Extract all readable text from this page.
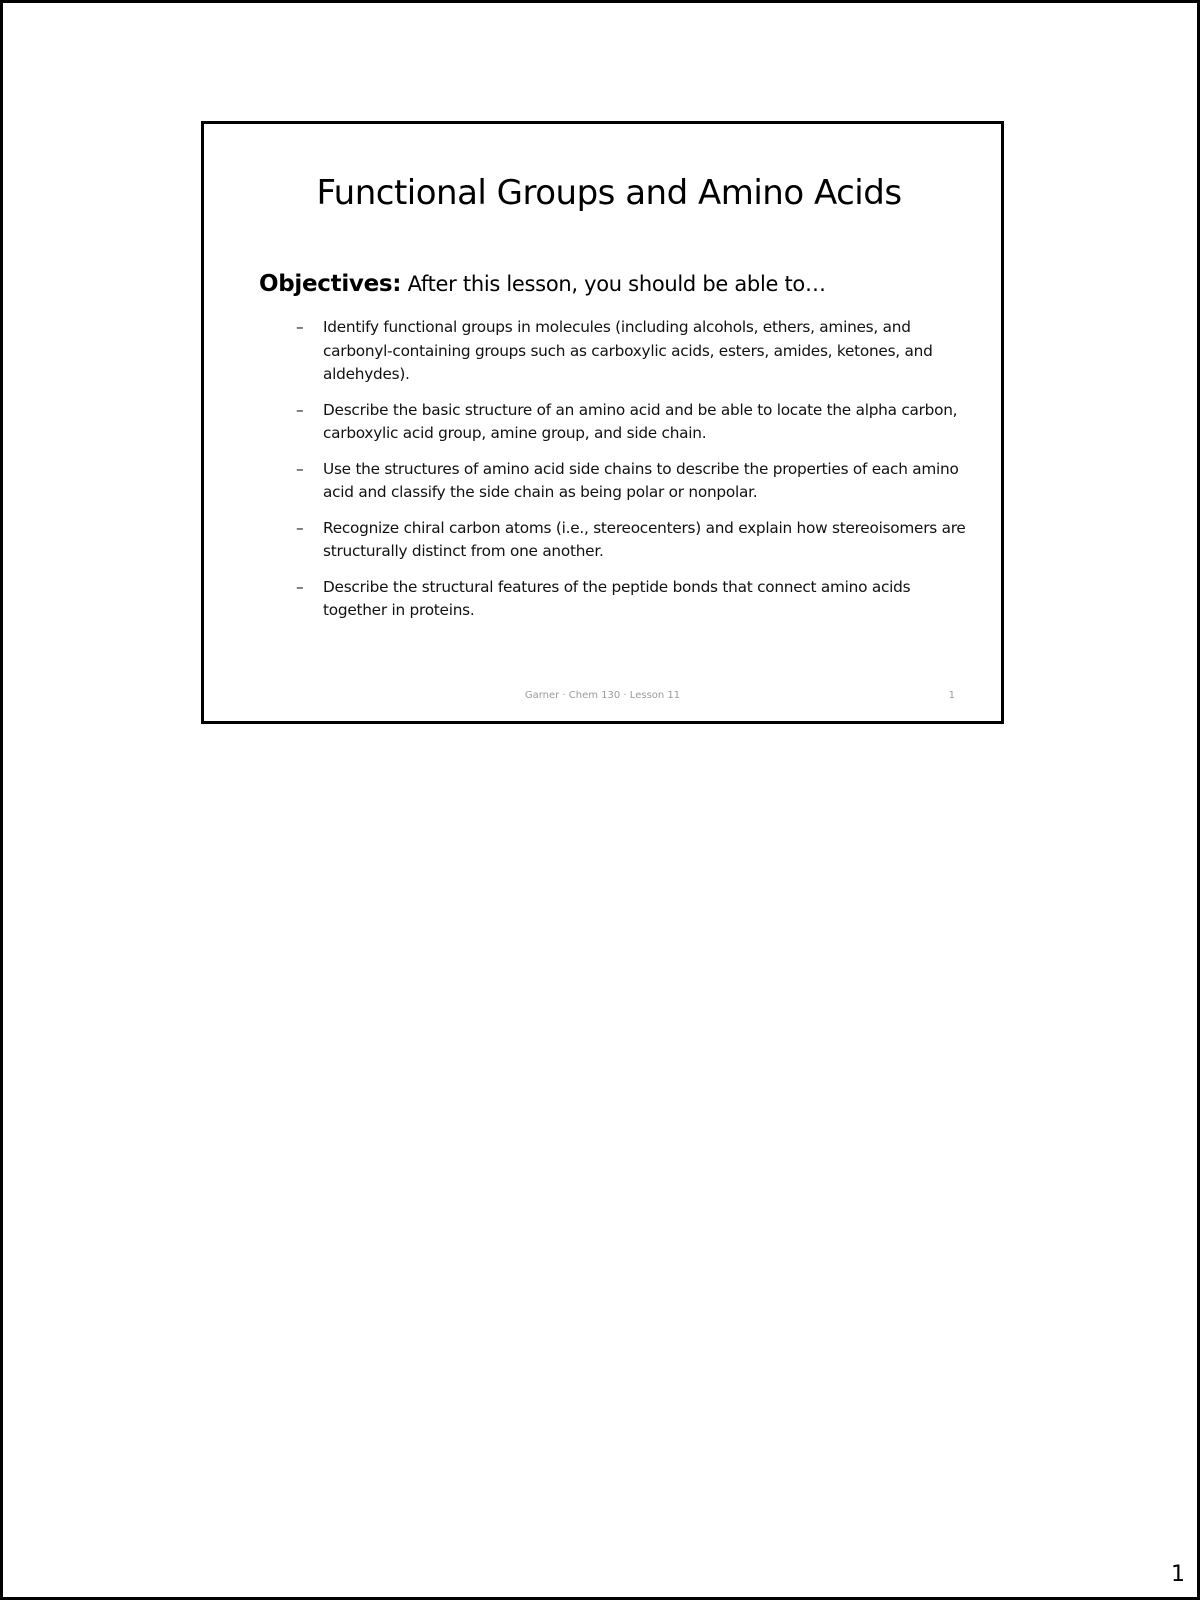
Functional Groups and Amino Acids
Objectives: After this lesson, you should be able to…
– Identify functional groups in molecules (including alcohols, ethers, amines, and carbonyl-containing groups such as carboxylic acids, esters, amides, ketones, and aldehydes).
– Describe the basic structure of an amino acid and be able to locate the alpha carbon, carboxylic acid group, amine group, and side chain.
– Use the structures of amino acid side chains to describe the properties of each amino acid and classify the side chain as being polar or nonpolar.
– Recognize chiral carbon atoms (i.e., stereocenters) and explain how stereoisomers are structurally distinct from one another.
– Describe the structural features of the peptide bonds that connect amino acids together in proteins.
Garner · Chem 130 · Lesson 11	1
1
